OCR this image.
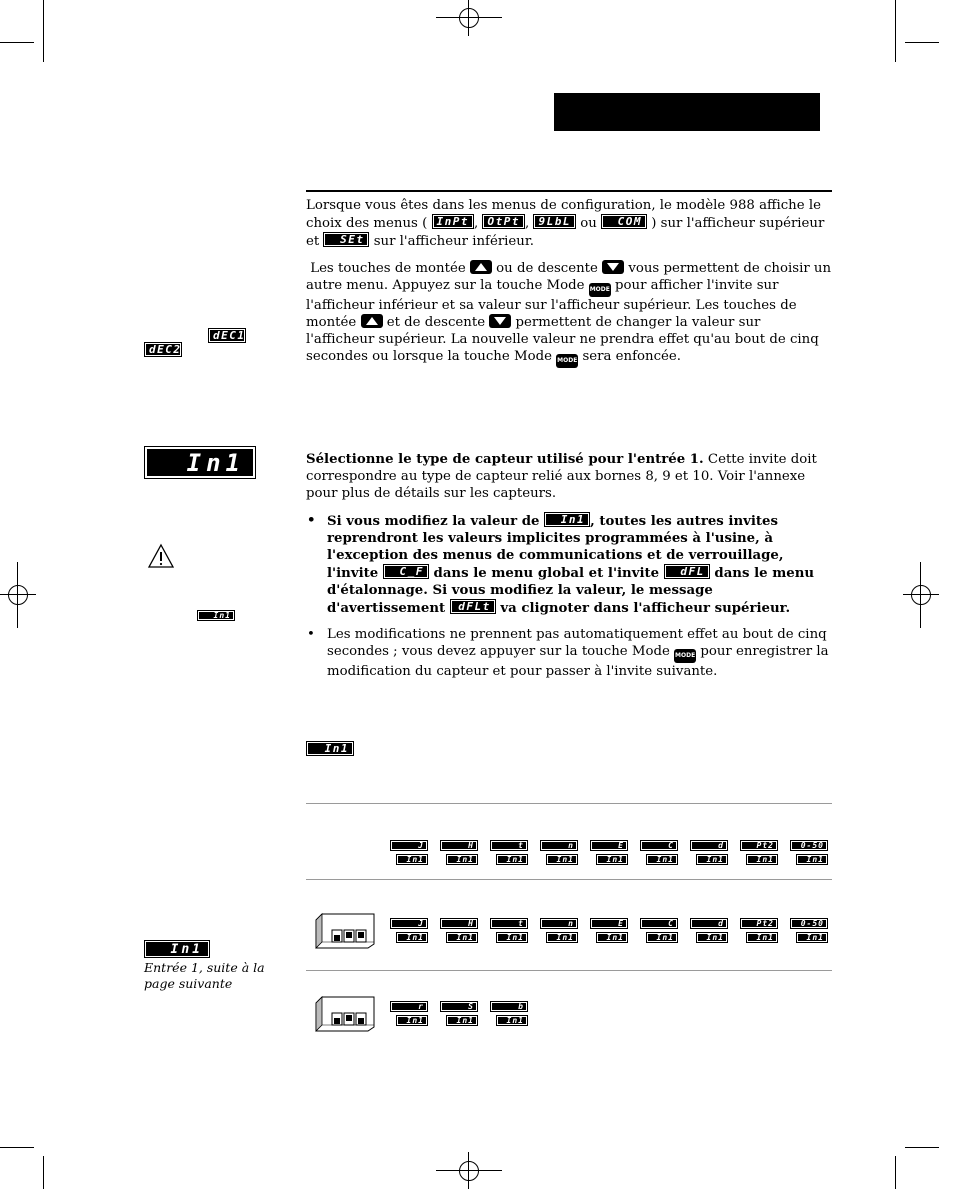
Lorsque vous êtes dans les menus de configuration, le modèle 988 affiche le choix des menus ( InPt , OtPt , 9LbL ou COM ) sur l'afficheur supérieur et SEt sur l'afficheur inférieur.
Les touches de montée ou de descente vous permettent de choisir un autre menu. Appuyez sur la touche Mode MODE pour afficher l'invite sur l'afficheur inférieur et sa valeur sur l'afficheur supérieur. Les touches de montée et de descente permettent de changer la valeur sur l'afficheur supérieur. La nouvelle valeur ne prendra effet qu'au bout de cinq secondes ou lorsque la touche Mode MODE sera enfoncée.
dEC1
dEC2
In1
In1
Sélectionne le type de capteur utilisé pour l'entrée 1. Cette invite doit correspondre au type de capteur relié aux bornes 8, 9 et 10. Voir l'annexe pour plus de détails sur les capteurs.
• Si vous modifiez la valeur de In1 , toutes les autres invites reprendront les valeurs implicites programmées à l'usine, à l'exception des menus de communications et de verrouillage, l'invite C_F dans le menu global et l'invite dFL dans le menu d'étalonnage. Si vous modifiez la valeur, le message d'avertissement dFLt va clignoter dans l'afficheur supérieur.
• Les modifications ne prennent pas automatiquement effet au bout de cinq secondes ; vous devez appuyer sur la touche Mode MODE pour enregistrer la modification du capteur et pour passer à l'invite suivante.
In1
J
In1
H
In1
t
In1
n
In1
E
In1
C
In1
d
In1
Pt2
In1
0-50
In1
J
In1
H
In1
t
In1
n
In1
E
In1
C
In1
d
In1
Pt2
In1
0-50
In1
r
In1
S
In1
b
In1
In1
Entrée 1, suite à la page suivante
